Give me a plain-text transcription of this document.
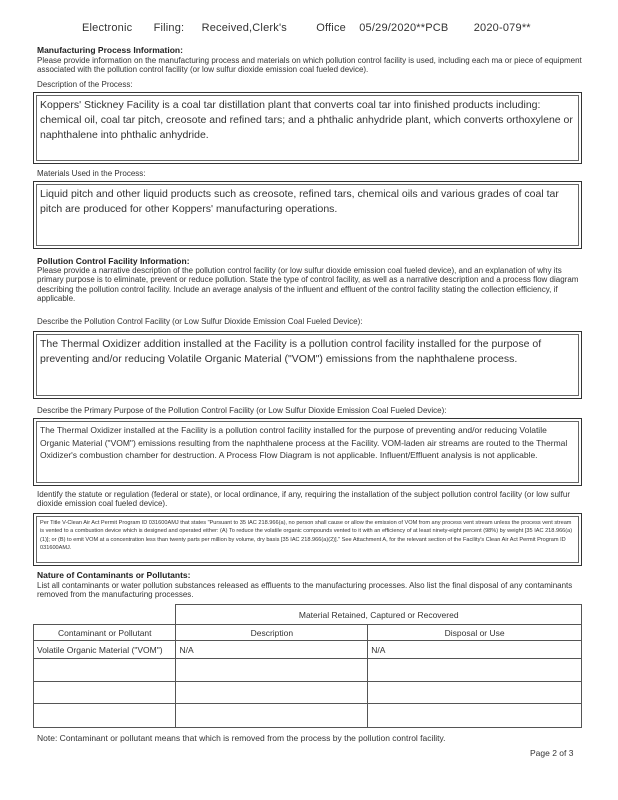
Electronic Filing: Received,Clerk's	Office 05/29/2020**PCB 2020-079**
Manufacturing Process Information:
Please provide information on the manufacturing process and materials on which pollution control facility is used, including each ma or piece of equipment associated with the pollution control facility (or low sulfur dioxide emission coal fueled device).
Description of the Process:
Koppers' Stickney Facility is a coal tar distillation plant that converts coal tar into finished products including: chemical oil, coal tar pitch, creosote and refined tars; and a phthalic anhydride plant, which converts orthoxylene or naphthalene into phthalic anhydride.
Materials Used in the Process:
Liquid pitch and other liquid products such as creosote, refined tars, chemical oils and various grades of coal tar pitch are produced for other Koppers' manufacturing operations.
Pollution Control Facility Information:
Please provide a narrative description of the pollution control facility (or low sulfur dioxide emission coal fueled device), and an explanation of why its primary purpose is to eliminate, prevent or reduce pollution. State the type of control facility, as well as a narrative description and a process flow diagram describing the pollution control facility. Include an average analysis of the influent and effluent of the control facility stating the collection efficiency, if applicable.
Describe the Pollution Control Facility (or Low Sulfur Dioxide Emission Coal Fueled Device):
The Thermal Oxidizer addition installed at the Facility is a pollution control facility installed for the purpose of preventing and/or reducing Volatile Organic Material ("VOM") emissions from the naphthalene process.
Describe the Primary Purpose of the Pollution Control Facility (or Low Sulfur Dioxide Emission Coal Fueled Device):
The Thermal Oxidizer installed at the Facility is a pollution control facility installed for the purpose of preventing and/or reducing Volatile Organic Material ("VOM") emissions resulting from the naphthalene process at the Facility. VOM-laden air streams are routed to the Thermal Oxidizer's combustion chamber for destruction. A Process Flow Diagram is not applicable. Influent/Effluent analysis is not applicable.
Identify the statute or regulation (federal or state), or local ordinance, if any, requiring the installation of the subject pollution control facility (or low sulfur dioxide emission coal fueled device).
Per Title V-Clean Air Act Permit Program ID 031600AMJ that states "Pursuant to 35 IAC 218.966(a), no person shall cause or allow the emission of VOM from any process vent stream unless the process vent stream is vented to a combustion device which is designed and operated either: (A) To reduce the volatile organic compounds vented to it with an efficiency of at least ninety-eight percent (98%) by weight [35 IAC 218.966(a)(1)]; or (B) to emit VOM at a concentration less than twenty parts per million by volume, dry basis [35 IAC 218.966(a)(2)]." See Attachment A, for the relevant section of the Facility's Clean Air Act Permit Program ID 031600AMJ.
Nature of Contaminants or Pollutants:
List all contaminants or water pollution substances released as effluents to the manufacturing processes. Also list the final disposal of any contaminants removed from the manufacturing processes.
	Material Retained, Captured or Recovered	
Contaminant or Pollutant	Description	Disposal or Use
Volatile Organic Material ("VOM")	N/A	N/A

Note: Contaminant or pollutant means that which is removed from the process by the pollution control facility.
Page 2 of 3
